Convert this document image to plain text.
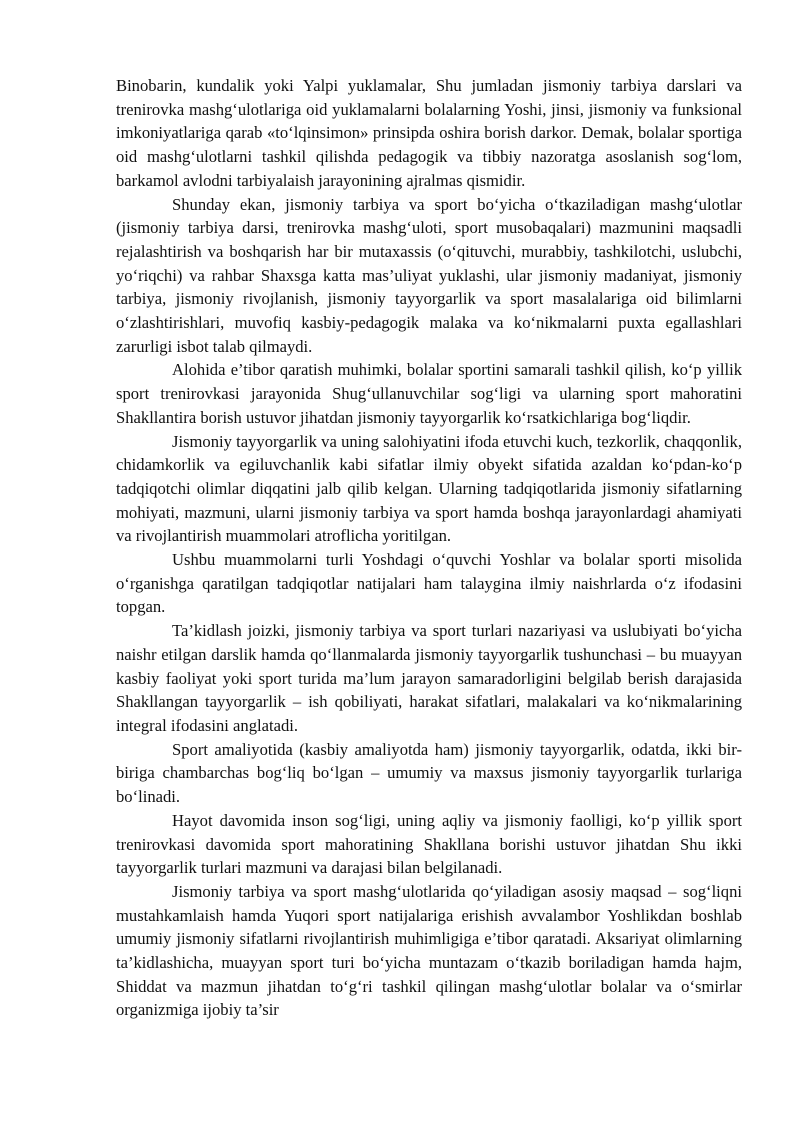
Binobarin, kundalik yoki Yalpi yuklamalar, Shu jumladan jismoniy tarbiya darslari va trenirovka mashg‘ulotlariga oid yuklamalarni bolalarning Yoshi, jinsi, jismoniy va funksional imkoniyatlariga qarab «to‘lqinsimon» prinsipda oshira borish darkor. Demak, bolalar sportiga oid mashg‘ulotlarni tashkil qilishda pedagogik va tibbiy nazoratga asoslanish sog‘lom, barkamol avlodni tarbiyalaish jarayonining ajralmas qismidir.

Shunday ekan, jismoniy tarbiya va sport bo‘yicha o‘tkaziladigan mashg‘ulotlar (jismoniy tarbiya darsi, trenirovka mashg‘uloti, sport musobaqalari) mazmunini maqsadli rejalashtirish va boshqarish har bir mutaxassis (o‘qituvchi, murabbiy, tashkilotchi, uslubchi, yo‘riqchi) va rahbar Shaxsga katta mas’uliyat yuklashi, ular jismoniy madaniyat, jismoniy tarbiya, jismoniy rivojlanish, jismoniy tayyorgarlik va sport masalalariga oid bilimlarni o‘zlashtirishlari, muvofiq kasbiy-pedagogik malaka va ko‘nikmalarni puxta egallashlari zarurligi isbot talab qilmaydi.

Alohida e’tibor qaratish muhimki, bolalar sportini samarali tashkil qilish, ko‘p yillik sport trenirovkasi jarayonida Shug‘ullanuvchilar sog‘ligi va ularning sport mahoratini Shakllantira borish ustuvor jihatdan jismoniy tayyorgarlik ko‘rsatkichlariga bog‘liqdir.

Jismoniy tayyorgarlik va uning salohiyatini ifoda etuvchi kuch, tezkorlik, chaqqonlik, chidamkorlik va egiluvchanlik kabi sifatlar ilmiy obyekt sifatida azaldan ko‘pdan-ko‘p tadqiqotchi olimlar diqqatini jalb qilib kelgan. Ularning tadqiqotlarida jismoniy sifatlarning mohiyati, mazmuni, ularni jismoniy tarbiya va sport hamda boshqa jarayonlardagi ahamiyati va rivojlantirish muammolari atroflicha yoritilgan.

Ushbu muammolarni turli Yoshdagi o‘quvchi Yoshlar va bolalar sporti misolida o‘rganishga qaratilgan tadqiqotlar natijalari ham talaygina ilmiy naishrlarda o‘z ifodasini topgan.

Ta’kidlash joizki, jismoniy tarbiya va sport turlari nazariyasi va uslubiyati bo‘yicha naishr etilgan darslik hamda qo‘llanmalarda jismoniy tayyorgarlik tushunchasi – bu muayyan kasbiy faoliyat yoki sport turida ma’lum jarayon samaradorligini belgilab berish darajasida Shakllangan tayyorgarlik – ish qobiliyati, harakat sifatlari, malakalari va ko‘nikmalarining integral ifodasini anglatadi.

Sport amaliyotida (kasbiy amaliyotda ham) jismoniy tayyorgarlik, odatda, ikki bir-biriga chambarchas bog‘liq bo‘lgan – umumiy va maxsus jismoniy tayyorgarlik turlariga bo‘linadi.

Hayot davomida inson sog‘ligi, uning aqliy va jismoniy faolligi, ko‘p yillik sport trenirovkasi davomida sport mahoratining Shakllana borishi ustuvor jihatdan Shu ikki tayyorgarlik turlari mazmuni va darajasi bilan belgilanadi.

Jismoniy tarbiya va sport mashg‘ulotlarida qo‘yiladigan asosiy maqsad – sog‘liqni mustahkamlaish hamda Yuqori sport natijalariga erishish avvalambor Yoshlikdan boshlab umumiy jismoniy sifatlarni rivojlantirish muhimligiga e’tibor qaratadi. Aksariyat olimlarning ta’kidlashicha, muayyan sport turi bo‘yicha muntazam o‘tkazib boriladigan hamda hajm, Shiddat va mazmun jihatdan to‘g‘ri tashkil qilingan mashg‘ulotlar bolalar va o‘smirlar organizmiga ijobiy ta’sir
